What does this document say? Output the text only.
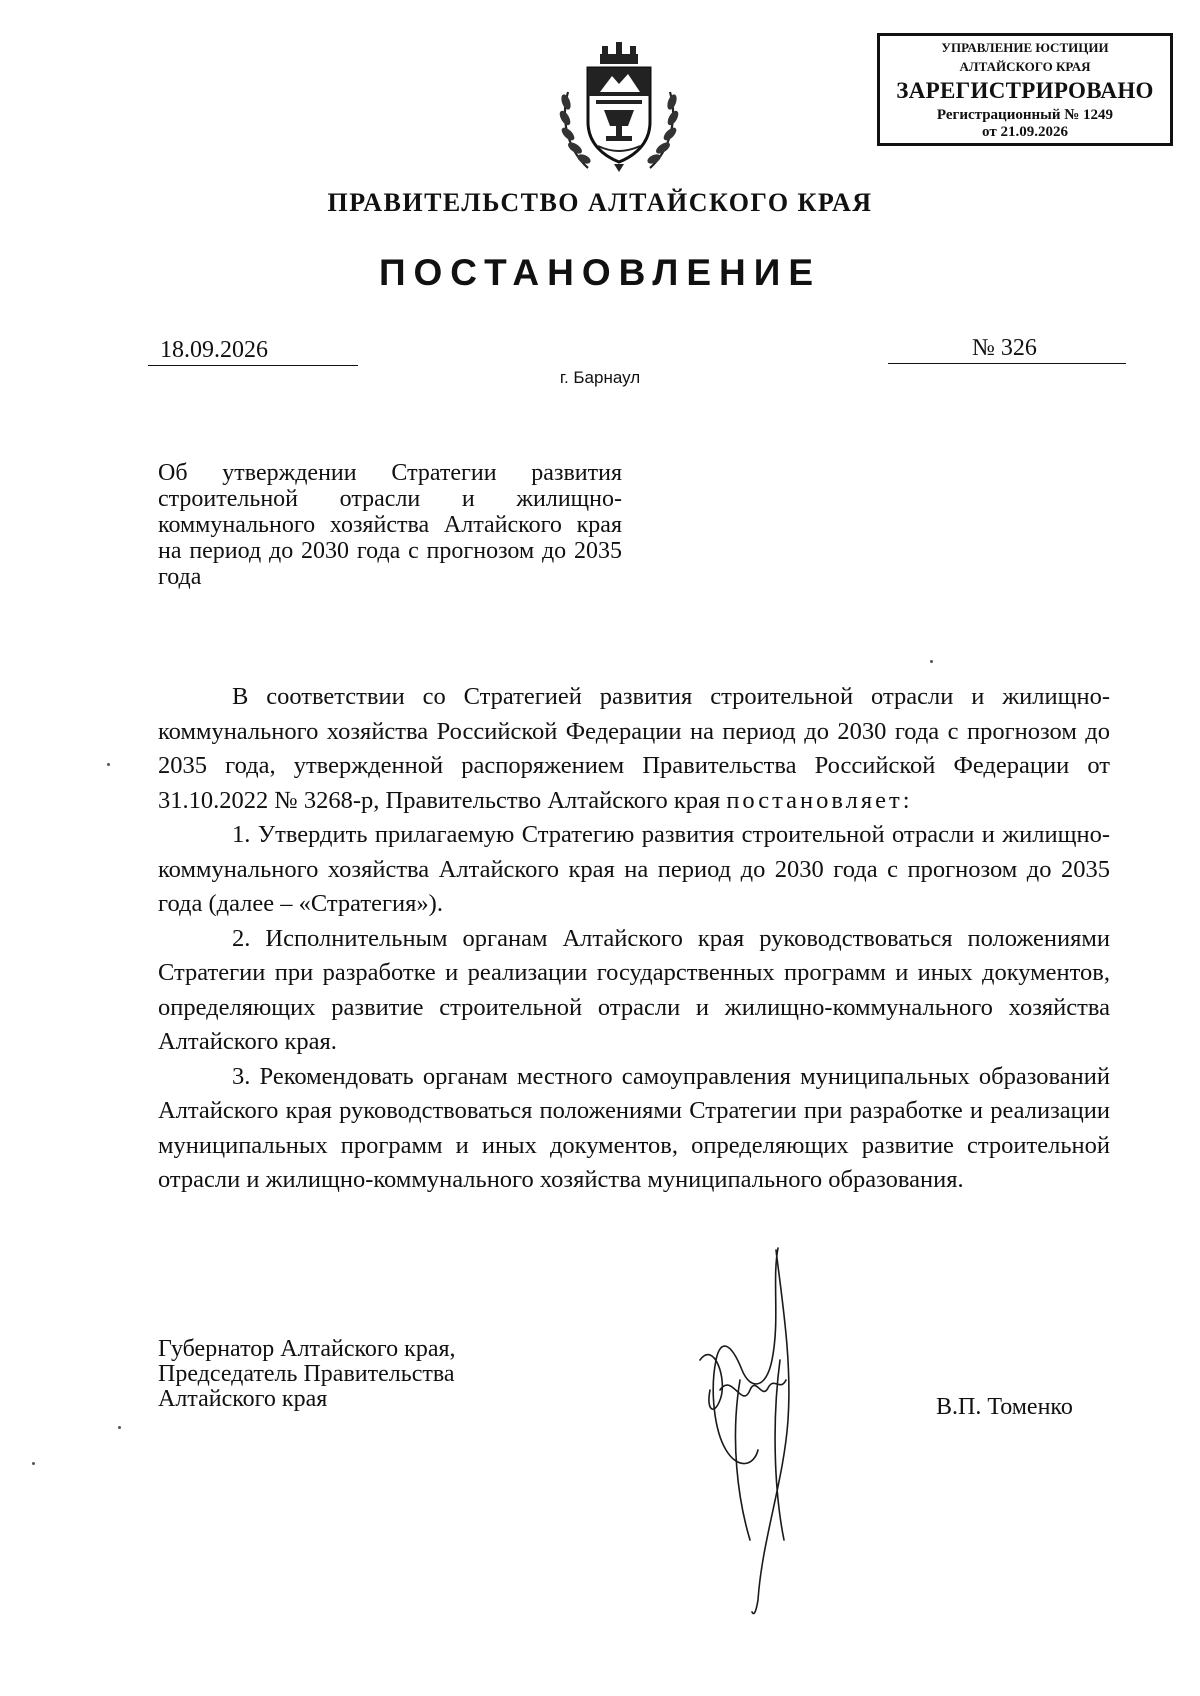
УПРАВЛЕНИЕ ЮСТИЦИИ
АЛТАЙСКОГО КРАЯ
ЗАРЕГИСТРИРОВАНО
Регистрационный № 1249
от 21.09.2026
ПРАВИТЕЛЬСТВО АЛТАЙСКОГО КРАЯ
ПОСТАНОВЛЕНИЕ
18.09.2026	№ 326
г. Барнаул
Об утверждении Стратегии развития строительной отрасли и жилищно-коммунального хозяйства Алтайского края на период до 2030 года с прогнозом до 2035 года

В соответствии со Стратегией развития строительной отрасли и жилищно-коммунального хозяйства Российской Федерации на период до 2030 года с прогнозом до 2035 года, утвержденной распоряжением Правительства Российской Федерации от 31.10.2022 № 3268-р, Правительство Алтайского края постановляет:

1. Утвердить прилагаемую Стратегию развития строительной отрасли и жилищно-коммунального хозяйства Алтайского края на период до 2030 года с прогнозом до 2035 года (далее – «Стратегия»).

2. Исполнительным органам Алтайского края руководствоваться положениями Стратегии при разработке и реализации государственных программ и иных документов, определяющих развитие строительной отрасли и жилищно-коммунального хозяйства Алтайского края.

3. Рекомендовать органам местного самоуправления муниципальных образований Алтайского края руководствоваться положениями Стратегии при разработке и реализации муниципальных программ и иных документов, определяющих развитие строительной отрасли и жилищно-коммунального хозяйства муниципального образования.

Губернатор Алтайского края,
Председатель Правительства
Алтайского края	В.П. Томенко
